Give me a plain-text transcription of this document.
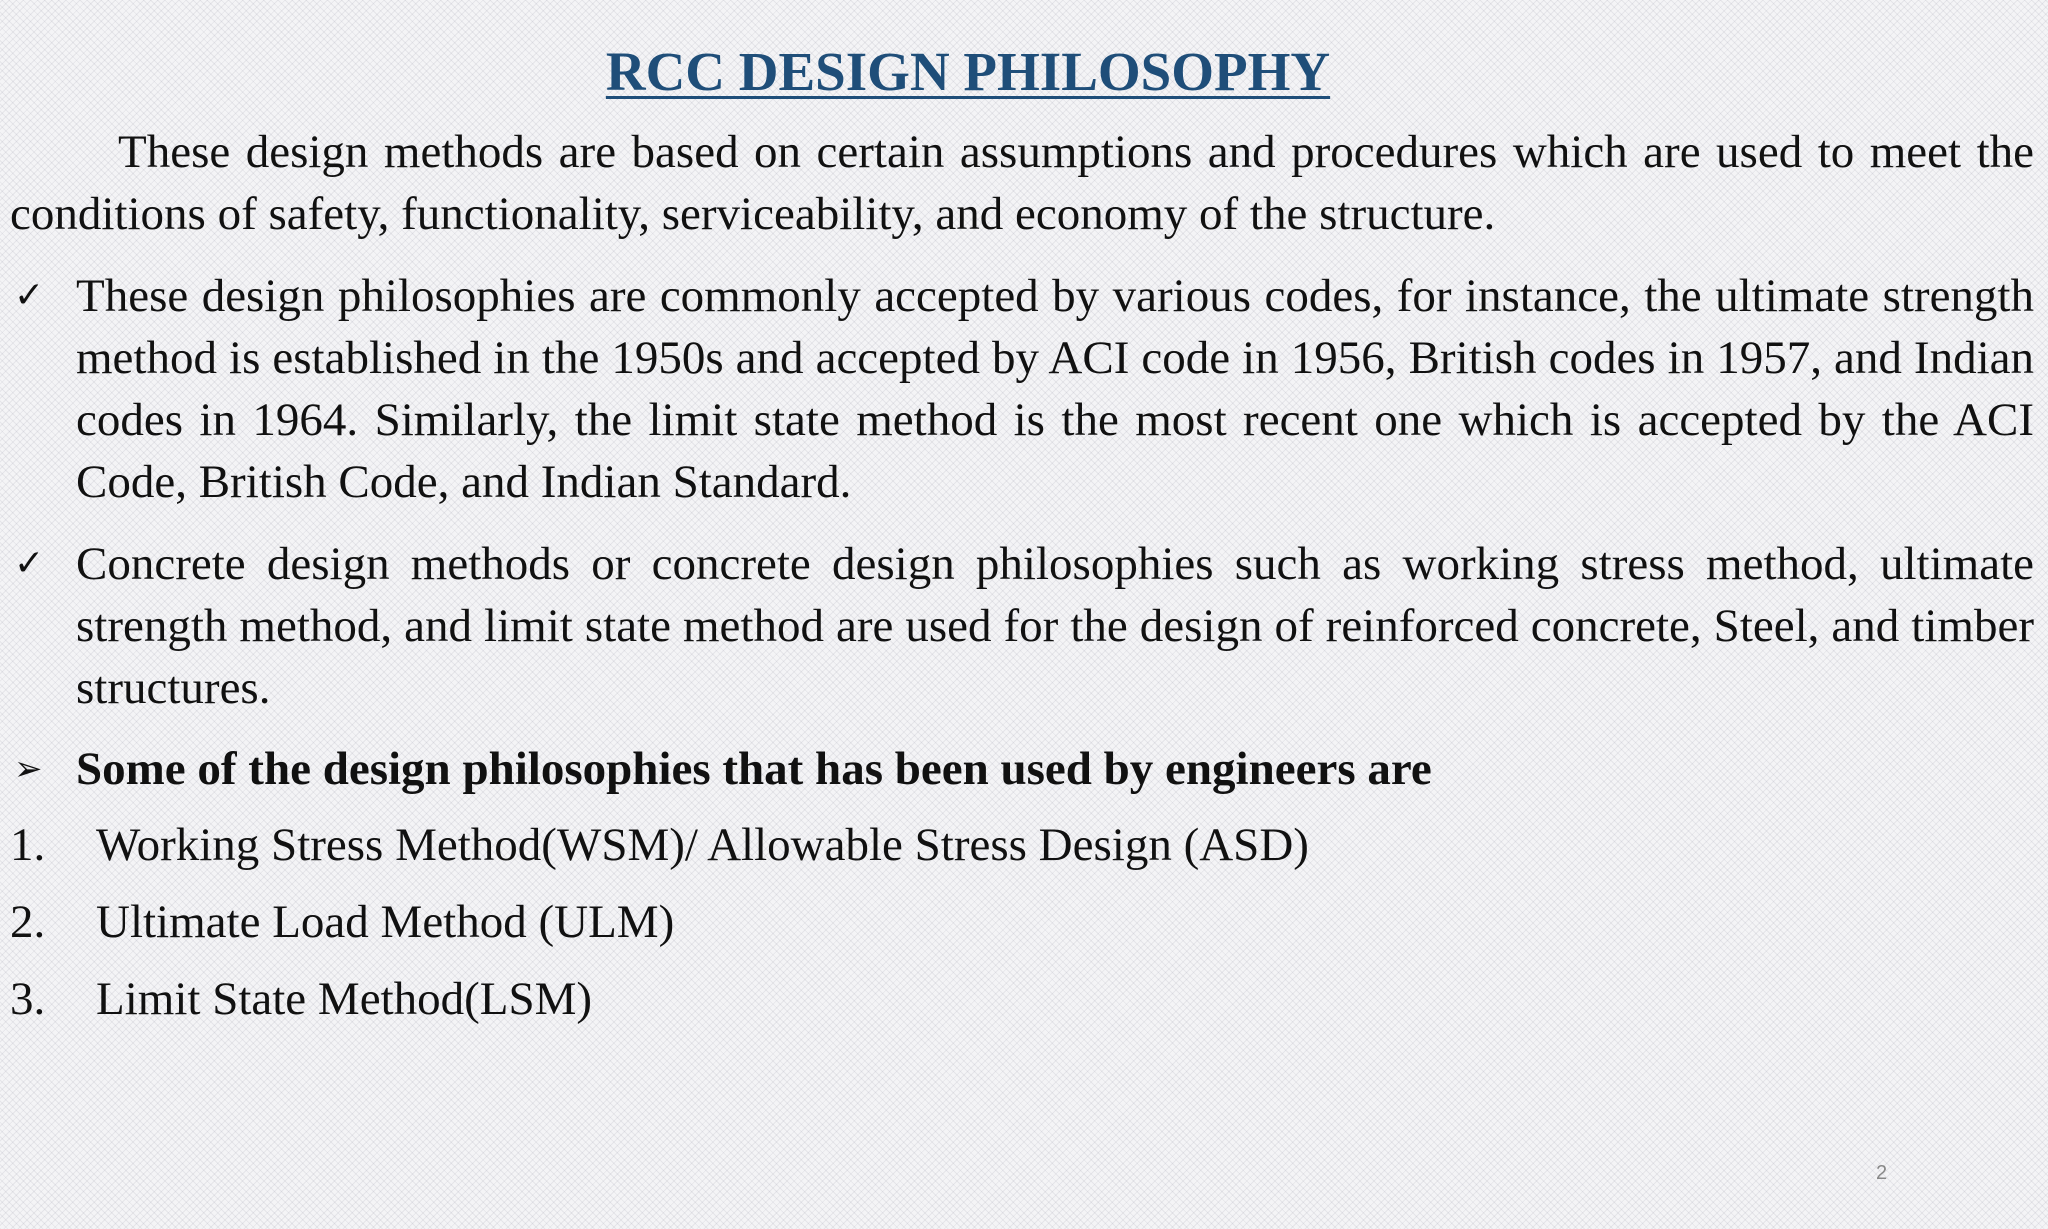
RCC DESIGN PHILOSOPHY

These design methods are based on certain assumptions and procedures which are used to meet the conditions of safety, functionality, serviceability, and economy of the structure.

✓ These design philosophies are commonly accepted by various codes, for instance, the ultimate strength method is established in the 1950s and accepted by ACI code in 1956, British codes in 1957, and Indian codes in 1964. Similarly, the limit state method is the most recent one which is accepted by the ACI Code, British Code, and Indian Standard.

✓ Concrete design methods or concrete design philosophies such as working stress method, ultimate strength method, and limit state method are used for the design of reinforced concrete, Steel, and timber structures.

➢ Some of the design philosophies that has been used by engineers are

1. Working Stress Method(WSM)/ Allowable Stress Design (ASD)
2. Ultimate Load Method (ULM)
3. Limit State Method(LSM)
2
